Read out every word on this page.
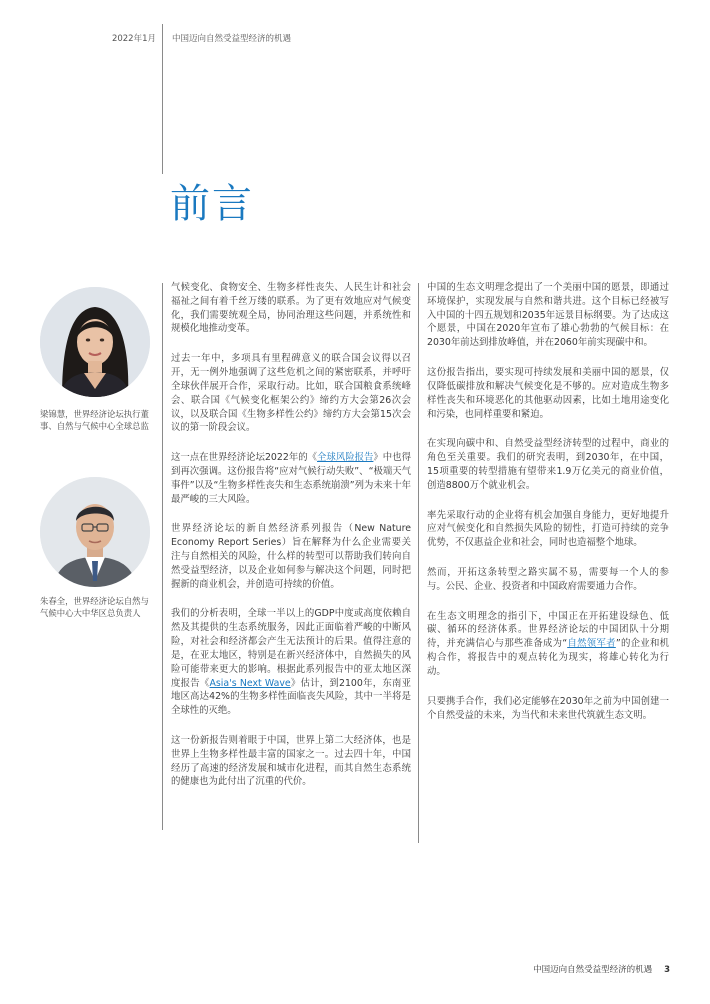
2022年1月 中国迈向自然受益型经济的机遇
前言
梁锦慧，世界经济论坛执行董事、自然与气候中心全球总监
朱春全，世界经济论坛自然与气候中心大中华区总负责人

气候变化、食物安全、生物多样性丧失、人民生计和社会福祉之间有着千丝万缕的联系。为了更有效地应对气候变化，我们需要统观全局，协同治理这些问题，并系统性和规模化地推动变革。

过去一年中，多项具有里程碑意义的联合国会议得以召开，无一例外地强调了这些危机之间的紧密联系，并呼吁全球伙伴展开合作，采取行动。比如，联合国粮食系统峰会、联合国《气候变化框架公约》缔约方大会第26次会议，以及联合国《生物多样性公约》缔约方大会第15次会议的第一阶段会议。

这一点在世界经济论坛2022年的《全球风险报告》中也得到再次强调。这份报告将“应对气候行动失败”、“极端天气事件”以及“生物多样性丧失和生态系统崩溃”列为未来十年最严峻的三大风险。

世界经济论坛的新自然经济系列报告（New Nature Economy Report Series）旨在解释为什么企业需要关注与自然相关的风险，什么样的转型可以帮助我们转向自然受益型经济，以及企业如何参与解决这个问题，同时把握新的商业机会，并创造可持续的价值。

我们的分析表明，全球一半以上的GDP中度或高度依赖自然及其提供的生态系统服务，因此正面临着严峻的中断风险，对社会和经济都会产生无法预计的后果。值得注意的是，在亚太地区，特别是在新兴经济体中，自然损失的风险可能带来更大的影响。根据此系列报告中的亚太地区深度报告《Asia's Next Wave》估计，到2100年，东南亚地区高达42%的生物多样性面临丧失风险，其中一半将是全球性的灭绝。

这一份新报告则着眼于中国，世界上第二大经济体，也是世界上生物多样性最丰富的国家之一。过去四十年，中国经历了高速的经济发展和城市化进程，而其自然生态系统的健康也为此付出了沉重的代价。

中国的生态文明理念提出了一个美丽中国的愿景，即通过环境保护，实现发展与自然和谐共进。这个目标已经被写入中国的十四五规划和2035年远景目标纲要。为了达成这个愿景，中国在2020年宣布了雄心勃勃的气候目标：在2030年前达到排放峰值，并在2060年前实现碳中和。

这份报告指出，要实现可持续发展和美丽中国的愿景，仅仅降低碳排放和解决气候变化是不够的。应对造成生物多样性丧失和环境恶化的其他驱动因素，比如土地用途变化和污染，也同样重要和紧迫。

在实现向碳中和、自然受益型经济转型的过程中，商业的角色至关重要。我们的研究表明，到2030年，在中国，15项重要的转型措施有望带来1.9万亿美元的商业价值，创造8800万个就业机会。

率先采取行动的企业将有机会加强自身能力，更好地提升应对气候变化和自然损失风险的韧性，打造可持续的竞争优势，不仅惠益企业和社会，同时也造福整个地球。

然而，开拓这条转型之路实属不易，需要每一个人的参与。公民、企业、投资者和中国政府需要通力合作。

在生态文明理念的指引下，中国正在开拓建设绿色、低碳、循环的经济体系。世界经济论坛的中国团队十分期待，并充满信心与那些准备成为“自然领军者”的企业和机构合作，将报告中的观点转化为现实，将雄心转化为行动。

只要携手合作，我们必定能够在2030年之前为中国创建一个自然受益的未来，为当代和未来世代筑就生态文明。

中国迈向自然受益型经济的机遇 3
